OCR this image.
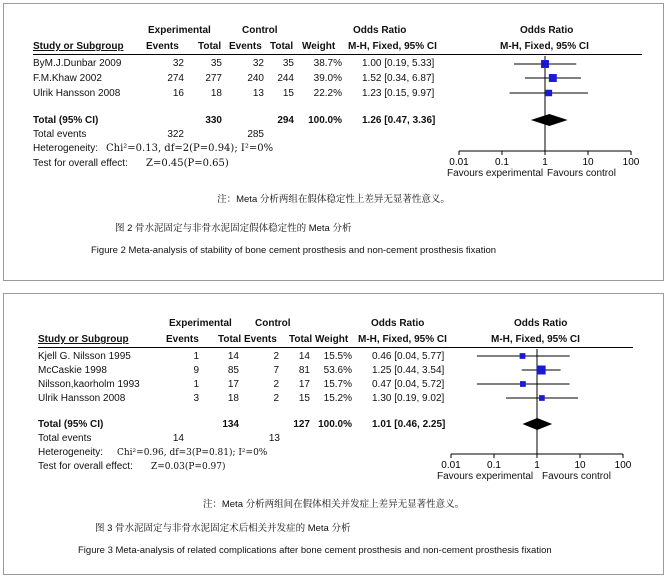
Experimental	Control	Odds Ratio	Odds Ratio
Study or Subgroup Events Total Events Total Weight M-H, Fixed, 95% CI	M-H, Fixed, 95% CI
ByM.J.Dunbar 2009	32	35	32	35	38.7% 1.00 [0.19, 5.33]
F.M.Khaw 2002	274	277	240	244	39.0% 1.52 [0.34, 6.87]
Ulrik Hansson 2008	16	18	13	15	22.2% 1.23 [0.15, 9.97]
Total (95% CI)	330	294	100.0% 1.26 [0.47, 3.36]
Total events	322	285
Heterogeneity: Chi²=0.13, df=2(P=0.94); I²=0%
Test for overall effect: Z=0.45(P=0.65)	0.01	0.1	1	10	100
Favours experimental Favours control
注：Meta 分析两组在假体稳定性上差异无显著性意义。
图 2 骨水泥固定与非骨水泥固定假体稳定性的 Meta 分析
Figure 2 Meta-analysis of stability of bone cement prosthesis and non-cement prosthesis fixation
Experimental Control	Odds Ratio	Odds Ratio
Study or Subgroup	Events Total Events Total Weight M-H, Fixed, 95% CI	M-H, Fixed, 95% CI
Kjell G. Nilsson 1995	1	14	2	14	15.5% 0.46 [0.04, 5.77]
McCaskie 1998	9	85	7	81	53.6% 1.25 [0.44, 3.54]
Nilsson,kaorholm 1993	1	17	2	17	15.7% 0.47 [0.04, 5.72]
Ulrik Hansson 2008	3	18	2	15	15.2% 1.30 [0.19, 9.02]
Total (95% CI)	134	127 100.0% 1.01 [0.46, 2.25]
Total events	14	13
Heterogeneity: Chi²=0.96, df=3(P=0.81); I²=0%
Test for overall effect: Z=0.03(P=0.97)	0.01	0.1	1	10	100
Favours experimental Favours control
注：Meta 分析两组间在假体相关并发症上差异无显著性意义。
图 3 骨水泥固定与非骨水泥固定术后相关并发症的 Meta 分析
Figure 3 Meta-analysis of related complications after bone cement prosthesis and non-cement prosthesis fixation
